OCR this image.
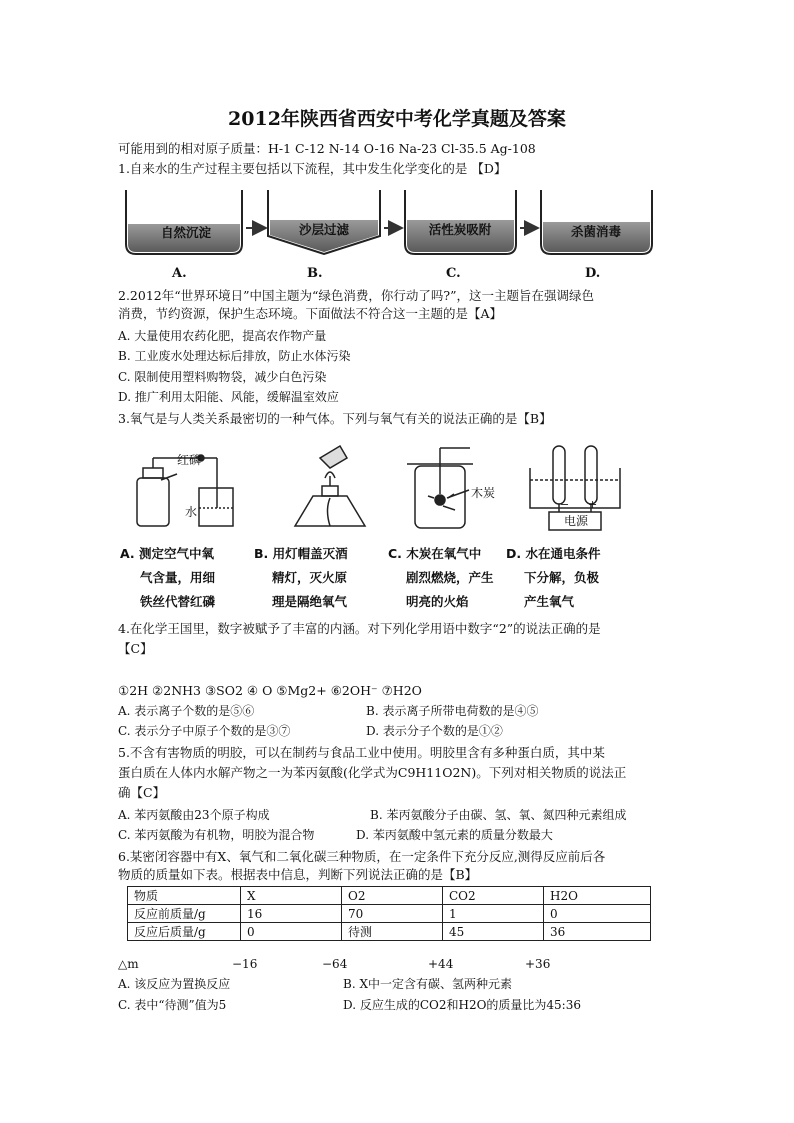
2012年陕西省西安中考化学真题及答案
可能用到的相对原子质量：H-1 C-12 N-14 O-16 Na-23 Cl-35.5 Ag-108
1.自来水的生产过程主要包括以下流程，其中发生化学变化的是 【D】
自然沉淀	沙层过滤	活性炭吸附	杀菌消毒
A.	B.	C.	D.
2.2012年“世界环境日”中国主题为“绿色消费，你行动了吗?”，这一主题旨在强调绿色
消费，节约资源，保护生态环境。下面做法不符合这一主题的是【A】
A. 大量使用农药化肥，提高农作物产量
B. 工业废水处理达标后排放，防止水体污染
C. 限制使用塑料购物袋，减少白色污染
D. 推广利用太阳能、风能，缓解温室效应
3.氧气是与人类关系最密切的一种气体。下列与氧气有关的说法正确的是【B】
红磷
水
木炭
电源
− +
A. 测定空气中氧
气含量，用细
铁丝代替红磷
B. 用灯帽盖灭酒
精灯，灭火原
理是隔绝氧气
C. 木炭在氧气中
剧烈燃烧，产生
明亮的火焰
D. 水在通电条件
下分解，负极
产生氧气
4.在化学王国里，数字被赋予了丰富的内涵。对下列化学用语中数字“2”的说法正确的是
【C】
①2H ②2NH3 ③SO2 ④ O ⑤Mg2+ ⑥2OH⁻ ⑦H2O
A. 表示离子个数的是⑤⑥	B. 表示离子所带电荷数的是④⑤
C. 表示分子中原子个数的是③⑦	D. 表示分子个数的是①②
5.不含有害物质的明胶，可以在制药与食品工业中使用。明胶里含有多种蛋白质，其中某
蛋白质在人体内水解产物之一为苯丙氨酸(化学式为C9H11O2N)。下列对相关物质的说法正
确【C】
A. 苯丙氨酸由23个原子构成	B. 苯丙氨酸分子由碳、氢、氧、氮四种元素组成
C. 苯丙氨酸为有机物，明胶为混合物	D. 苯丙氨酸中氢元素的质量分数最大
6.某密闭容器中有X、氧气和二氧化碳三种物质，在一定条件下充分反应,测得反应前后各
物质的质量如下表。根据表中信息，判断下列说法正确的是【B】
物质	X	O2	CO2	H2O
反应前质量/g	16	70	1	0
反应后质量/g	0	待测	45	36
△m	−16	−64	+44	+36
A. 该反应为置换反应	B. X中一定含有碳、氢两种元素
C. 表中“待测”值为5	D. 反应生成的CO2和H2O的质量比为45:36
